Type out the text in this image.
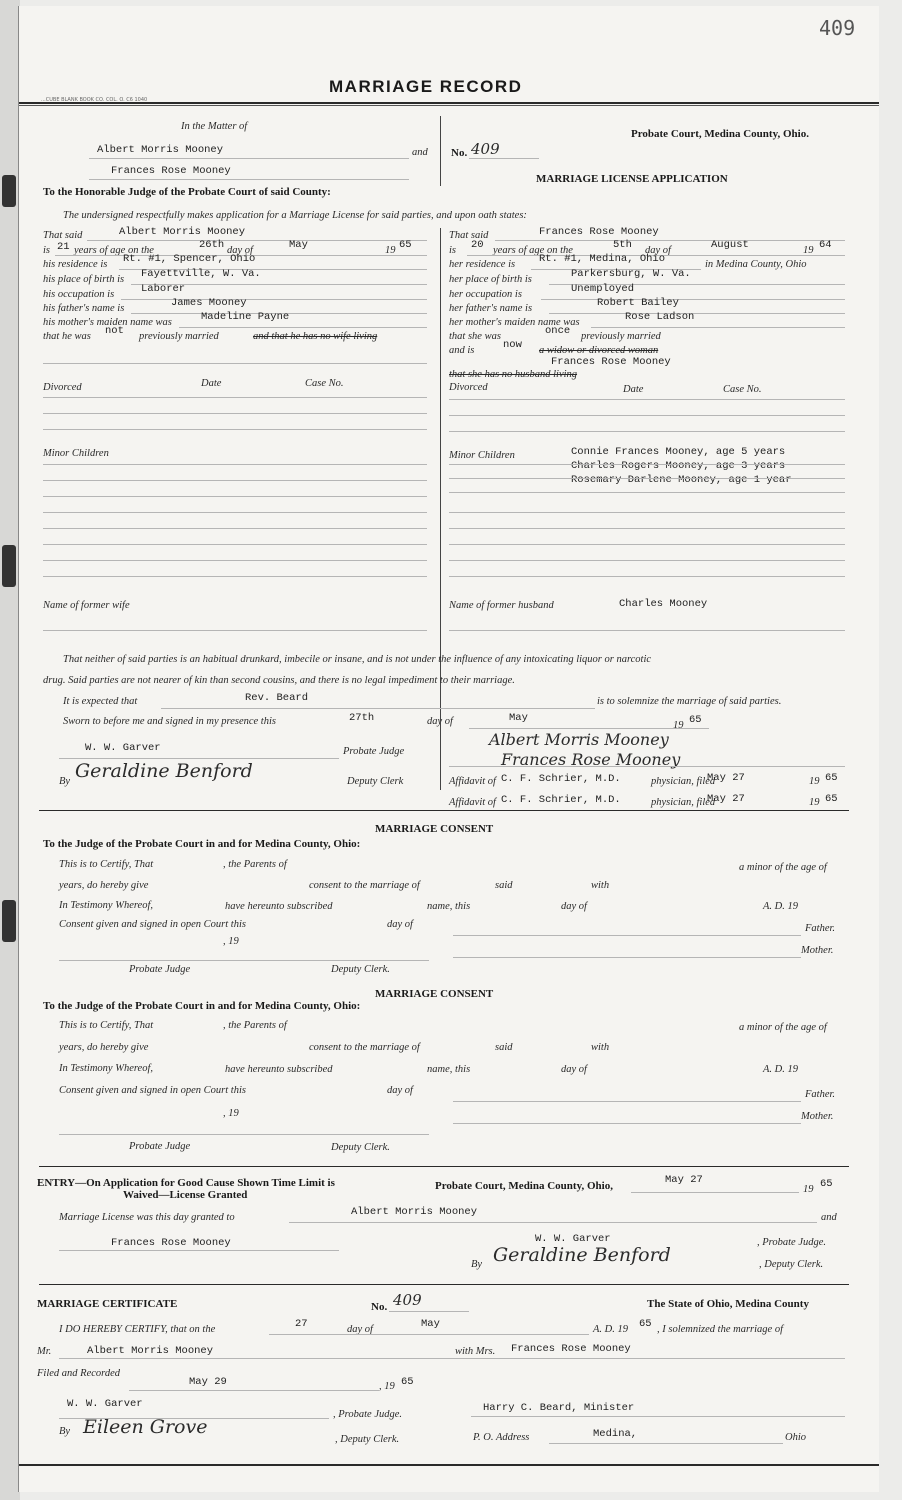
409
MARRIAGE RECORD
...CUBE BLANK BOOK CO. COL. O. C6 1040
In the Matter of
Probate Court, Medina County, Ohio.
Albert Morris Mooney	and No. 409
Frances Rose Mooney
MARRIAGE LICENSE APPLICATION
To the Honorable Judge of the Probate Court of said County:
The undersigned respectfully makes application for a Marriage License for said parties, and upon oath states:
That said	Albert Morris Mooney
is 21 years of age on the	26th day of	May	19 65
his residence is Rt. #1, Spencer, Ohio
his place of birth is Fayettville, W. Va.
his occupation is	Laborer
his father's name is	James Mooney
his mother's maiden name was	Madeline Payne
that he was not previously married	and that he has no wife living
Divorced	Date	Case No.
Minor Children
Name of former wife
That said	Frances Rose Mooney
is 20 years of age on the	5th day of	August	19 64
her residence is Rt. #1, Medina, Ohio	in Medina County, Ohio
her place of birth is	Parkersburg, W. Va.
her occupation is	Unemployed
her father's name is	Robert Bailey
her mother's maiden name was	Rose Ladson
that she was	once previously married
and is	now a widow or divorced woman
Frances Rose Mooney
that she has no husband living
Divorced	Date	Case No.
Minor Children	Connie Frances Mooney, age 5 years
Charles Rogers Mooney, age 3 years
Rosemary Darlene Mooney, age 1 year
Name of former husband	Charles Mooney
That neither of said parties is an habitual drunkard, imbecile or insane, and is not under the influence of any intoxicating liquor or narcotic
drug. Said parties are not nearer of kin than second cousins, and there is no legal impediment to their marriage.
It is expected that	Rev. Beard	is to solemnize the marriage of said parties.
Sworn to before me and signed in my presence this	27th	day of	May
19 65
W. W. Garver	Probate Judge
By Geraldine Benford	Deputy Clerk
Albert Morris Mooney
Frances Rose Mooney
Affidavit of C. F. Schrier, M.D.	physician, filed
May 27	19 65
Affidavit of C. F. Schrier, M.D.	physician, filed
May 27	19 65
MARRIAGE CONSENT
To the Judge of the Probate Court in and for Medina County, Ohio:
This is to Certify, That	, the Parents of	a minor of the age of
years, do hereby give	consent to the marriage of	said	with
In Testimony Whereof,	have hereunto subscribed	name, this	day of	A. D. 19
Consent given and signed in open Court this	day of
, 19
Father.
Mother.
Probate Judge	Deputy Clerk.
MARRIAGE CONSENT
To the Judge of the Probate Court in and for Medina County, Ohio:
This is to Certify, That	, the Parents of	a minor of the age of
years, do hereby give	consent to the marriage of	said	with
In Testimony Whereof,	have hereunto subscribed	name, this	day of	A. D. 19
Consent given and signed in open Court this	day of
, 19
Father.
Mother.
Probate Judge	Deputy Clerk.
ENTRY—On Application for Good Cause Shown Time Limit is
Waived—License Granted
Probate Court, Medina County, Ohio,	May 27
19 65
Marriage License was this day granted to	Albert Morris Mooney	and
Frances Rose Mooney	W. W. Garver	, Probate Judge.
By Geraldine Benford	, Deputy Clerk.
MARRIAGE CERTIFICATE	No. 409	The State of Ohio, Medina County
I DO HEREBY CERTIFY, that on the	27	day of	May	A. D. 19 65 , I solemnized the marriage of
Mr.	Albert Morris Mooney	with Mrs. Frances Rose Mooney
Filed and Recorded
May 29	, 19 65
W. W. Garver
, Probate Judge.
Harry C. Beard, Minister
By Eileen Grove
, Deputy Clerk.	P. O. Address	Medina,	Ohio
